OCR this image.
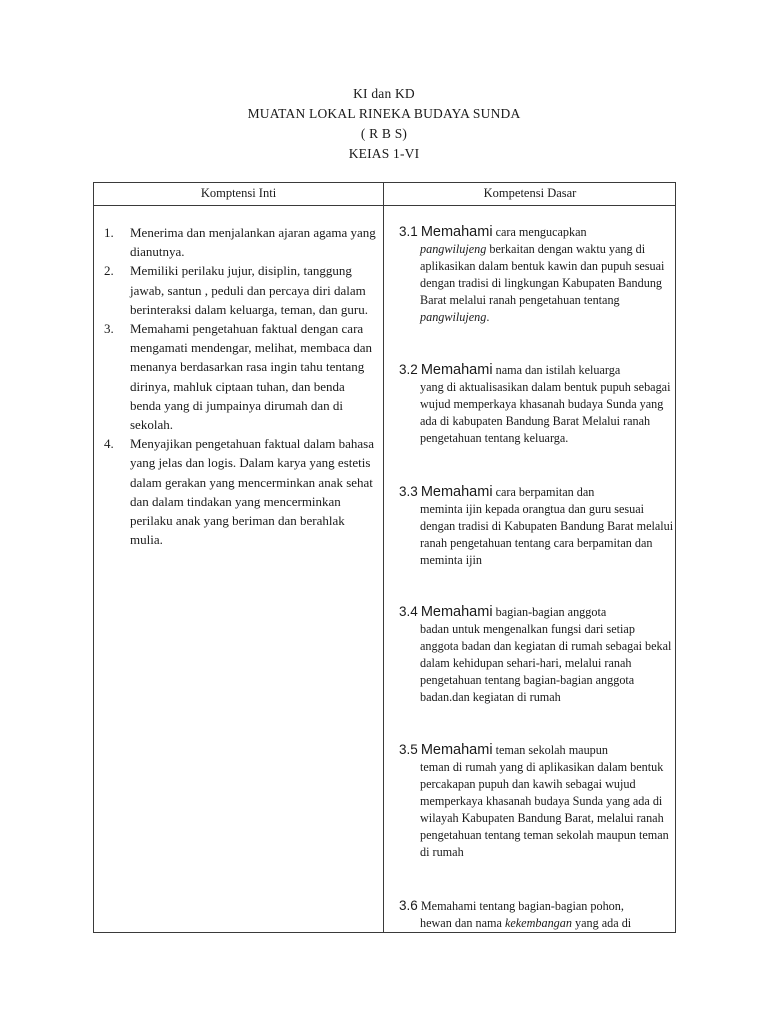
KI dan KD
MUATAN LOKAL RINEKA BUDAYA SUNDA
( R B S)
KEIAS 1-VI
Komptensi Inti	Kompetensi Dasar
1. Menerima dan menjalankan ajaran agama yang dianutnya.
2. Memiliki perilaku jujur, disiplin, tanggung jawab, santun , peduli dan percaya diri dalam berinteraksi dalam keluarga, teman, dan guru.
3. Memahami pengetahuan faktual dengan cara mengamati mendengar, melihat, membaca dan menanya berdasarkan rasa ingin tahu tentang dirinya, mahluk ciptaan tuhan, dan benda benda yang di jumpainya dirumah dan di sekolah.
4. Menyajikan pengetahuan faktual dalam bahasa yang jelas dan logis. Dalam karya yang estetis dalam gerakan yang mencerminkan anak sehat dan dalam tindakan yang mencerminkan perilaku anak yang beriman dan berahlak mulia.
3.1 Memahami cara mengucapkan
pangwilujeng berkaitan dengan waktu yang di aplikasikan dalam bentuk kawin dan pupuh sesuai dengan tradisi di lingkungan Kabupaten Bandung Barat melalui ranah pengetahuan tentang pangwilujeng.
3.2 Memahami nama dan istilah keluarga
yang di aktualisasikan dalam bentuk pupuh sebagai wujud memperkaya khasanah budaya Sunda yang ada di kabupaten Bandung Barat Melalui ranah pengetahuan tentang keluarga.
3.3 Memahami cara berpamitan dan
meminta ijin kepada orangtua dan guru sesuai dengan tradisi di Kabupaten Bandung Barat melalui ranah pengetahuan tentang cara berpamitan dan meminta ijin
3.4 Memahami bagian-bagian anggota
badan untuk mengenalkan fungsi dari setiap anggota badan dan kegiatan di rumah sebagai bekal dalam kehidupan sehari-hari, melalui ranah pengetahuan tentang bagian-bagian anggota badan.dan kegiatan di rumah
3.5 Memahami teman sekolah maupun
teman di rumah yang di aplikasikan dalam bentuk percakapan pupuh dan kawih sebagai wujud memperkaya khasanah budaya Sunda yang ada di wilayah Kabupaten Bandung Barat, melalui ranah pengetahuan tentang teman sekolah maupun teman di rumah
3.6 Memahami tentang bagian-bagian pohon,
hewan dan nama kekembangan yang ada di
